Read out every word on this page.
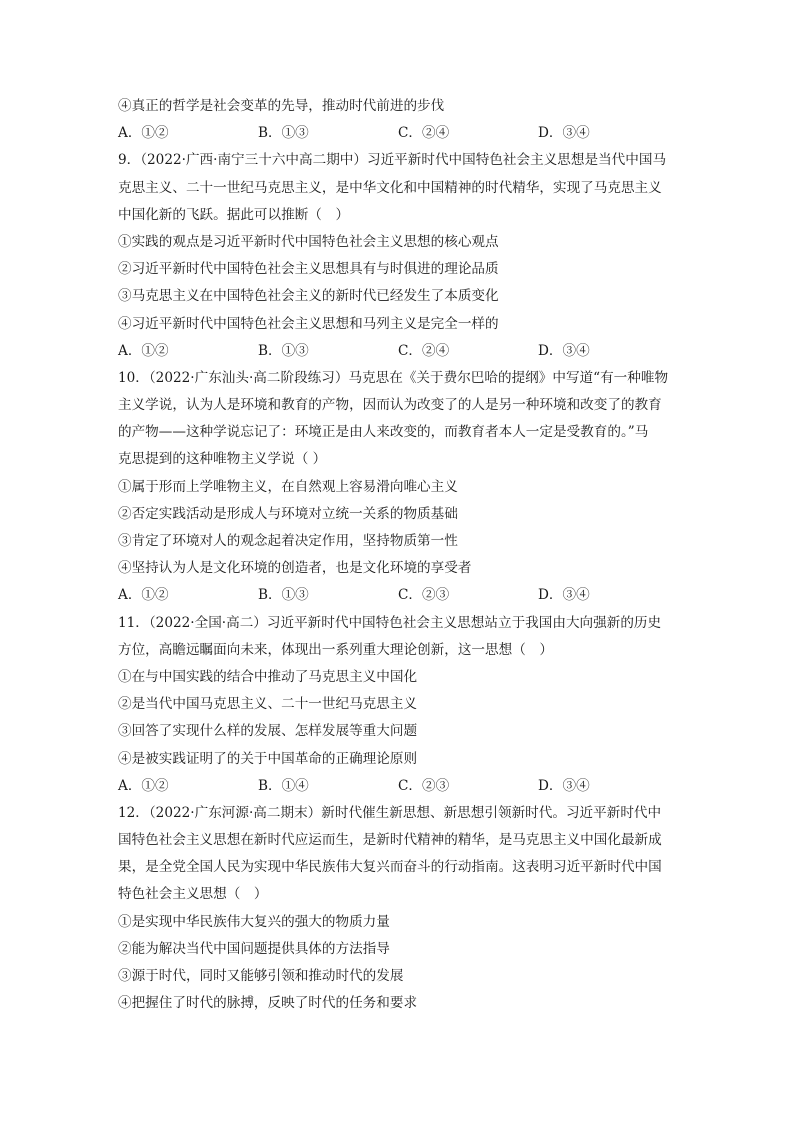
④真正的哲学是社会变革的先导，推动时代前进的步伐
A．①②	B．①③	C．②④	D．③④
9．（2022·广西·南宁三十六中高二期中）习近平新时代中国特色社会主义思想是当代中国马
克思主义、二十一世纪马克思主义，是中华文化和中国精神的时代精华，实现了马克思主义
中国化新的飞跃。据此可以推断（　）
①实践的观点是习近平新时代中国特色社会主义思想的核心观点
②习近平新时代中国特色社会主义思想具有与时俱进的理论品质
③马克思主义在中国特色社会主义的新时代已经发生了本质变化
④习近平新时代中国特色社会主义思想和马列主义是完全一样的
A．①②	B．①③	C．②④	D．③④
10．（2022·广东汕头·高二阶段练习）马克思在《关于费尔巴哈的提纲》中写道“有一种唯物
主义学说，认为人是环境和教育的产物，因而认为改变了的人是另一种环境和改变了的教育
的产物——这种学说忘记了：环境正是由人来改变的，而教育者本人一定是受教育的。”马
克思提到的这种唯物主义学说（ ）
①属于形而上学唯物主义，在自然观上容易滑向唯心主义
②否定实践活动是形成人与环境对立统一关系的物质基础
③肯定了环境对人的观念起着决定作用，坚持物质第一性
④坚持认为人是文化环境的创造者，也是文化环境的享受者
A．①②	B．①③	C．②③	D．③④
11．（2022·全国·高二）习近平新时代中国特色社会主义思想站立于我国由大向强新的历史
方位，高瞻远瞩面向未来，体现出一系列重大理论创新，这一思想（　）
①在与中国实践的结合中推动了马克思主义中国化
②是当代中国马克思主义、二十一世纪马克思主义
③回答了实现什么样的发展、怎样发展等重大问题
④是被实践证明了的关于中国革命的正确理论原则
A．①②	B．①④	C．②③	D．③④
12．（2022·广东河源·高二期末）新时代催生新思想、新思想引领新时代。习近平新时代中
国特色社会主义思想在新时代应运而生，是新时代精神的精华，是马克思主义中国化最新成
果，是全党全国人民为实现中华民族伟大复兴而奋斗的行动指南。这表明习近平新时代中国
特色社会主义思想（　）
①是实现中华民族伟大复兴的强大的物质力量
②能为解决当代中国问题提供具体的方法指导
③源于时代，同时又能够引领和推动时代的发展
④把握住了时代的脉搏，反映了时代的任务和要求
